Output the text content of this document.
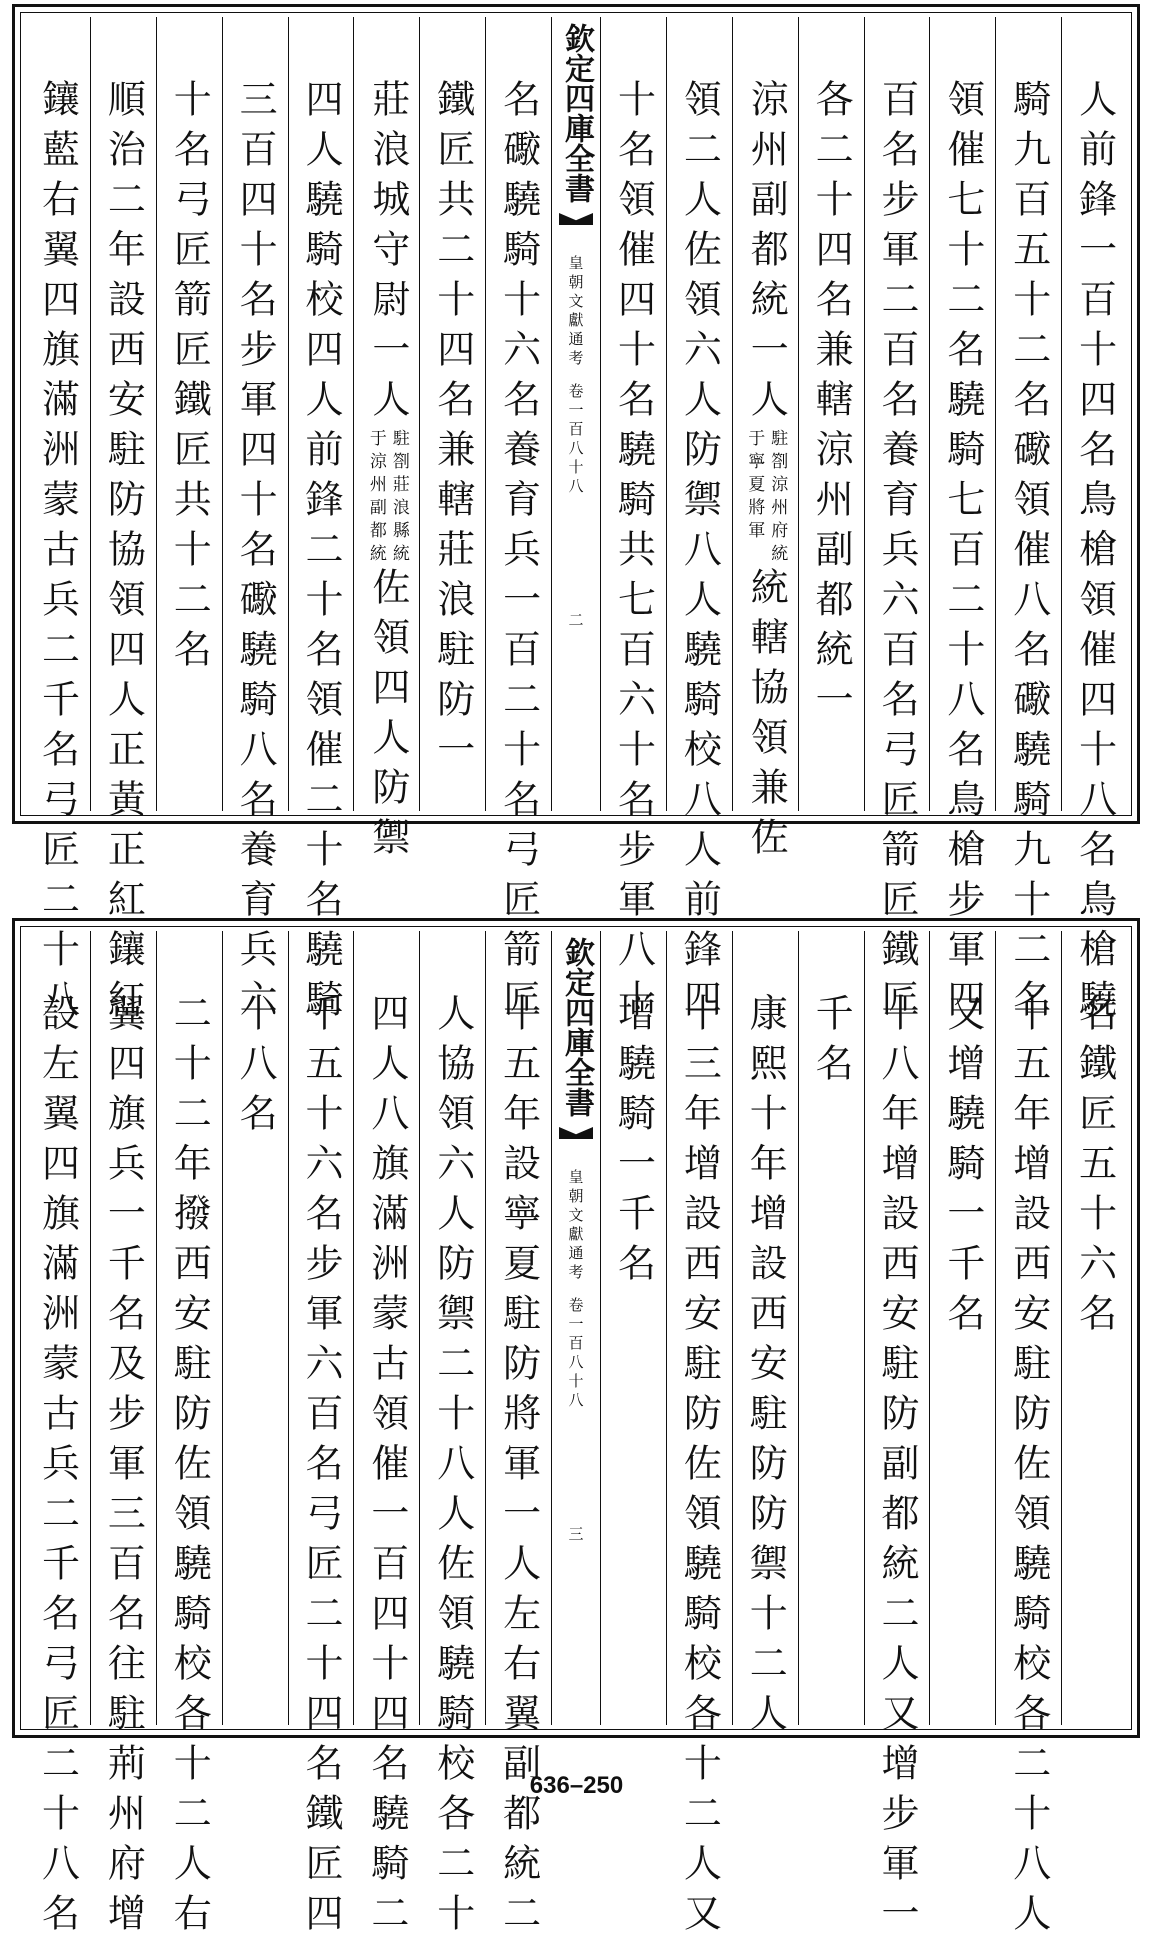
人前鋒一百十四名鳥槍領催四十八名鳥槍驍
騎九百五十二名礮領催八名礮驍騎九十二名
領催七十二名驍騎七百二十八名鳥槍步軍四
百名步軍二百名養育兵六百名弓匠箭匠鐵匠
各二十四名兼轄涼州副都統一
涼州副都統一人
駐劄涼州府統
于寧夏將軍
統轄協領兼佐
領二人佐領六人防禦八人驍騎校八人前鋒四
十名領催四十名驍騎共七百六十名步軍八十
欽定四庫全書
皇朝文獻通考
卷一百八十八
二
名礮驍騎十六名養育兵一百二十名弓匠箭匠
鐵匠共二十四名兼轄莊浪駐防一
莊浪城守尉一人
駐劄莊浪縣統
于涼州副都統
佐領四人防禦
四人驍騎校四人前鋒二十名領催二十名驍騎
三百四十名步軍四十名礮驍騎八名養育兵六
十名弓匠箭匠鐵匠共十二名
順治二年設西安駐防協領四人正黃正紅鑲紅
鑲藍右翼四旗滿洲蒙古兵二千名弓匠二十八
名鐵匠五十六名
十五年增設西安駐防佐領驍騎校各二十八人
又增驍騎一千名
十八年增設西安駐防副都統二人又增步軍一
千名
康熙十年增設西安駐防防禦十二人
十三年增設西安駐防佐領驍騎校各十二人又
增驍騎一千名
欽定四庫全書
皇朝文獻通考
卷一百八十八
三
十五年設寧夏駐防將軍一人左右翼副都統二
人協領六人防禦二十八人佐領驍騎校各二十
四人八旗滿洲蒙古領催一百四十四名驍騎二
千五十六名步軍六百名弓匠二十四名鐵匠四
十八名
二十二年撥西安駐防佐領驍騎校各十二人右
翼四旗兵一千名及步軍三百名往駐荊州府增
設左翼四旗滿洲蒙古兵二千名弓匠二十八名	636–250
